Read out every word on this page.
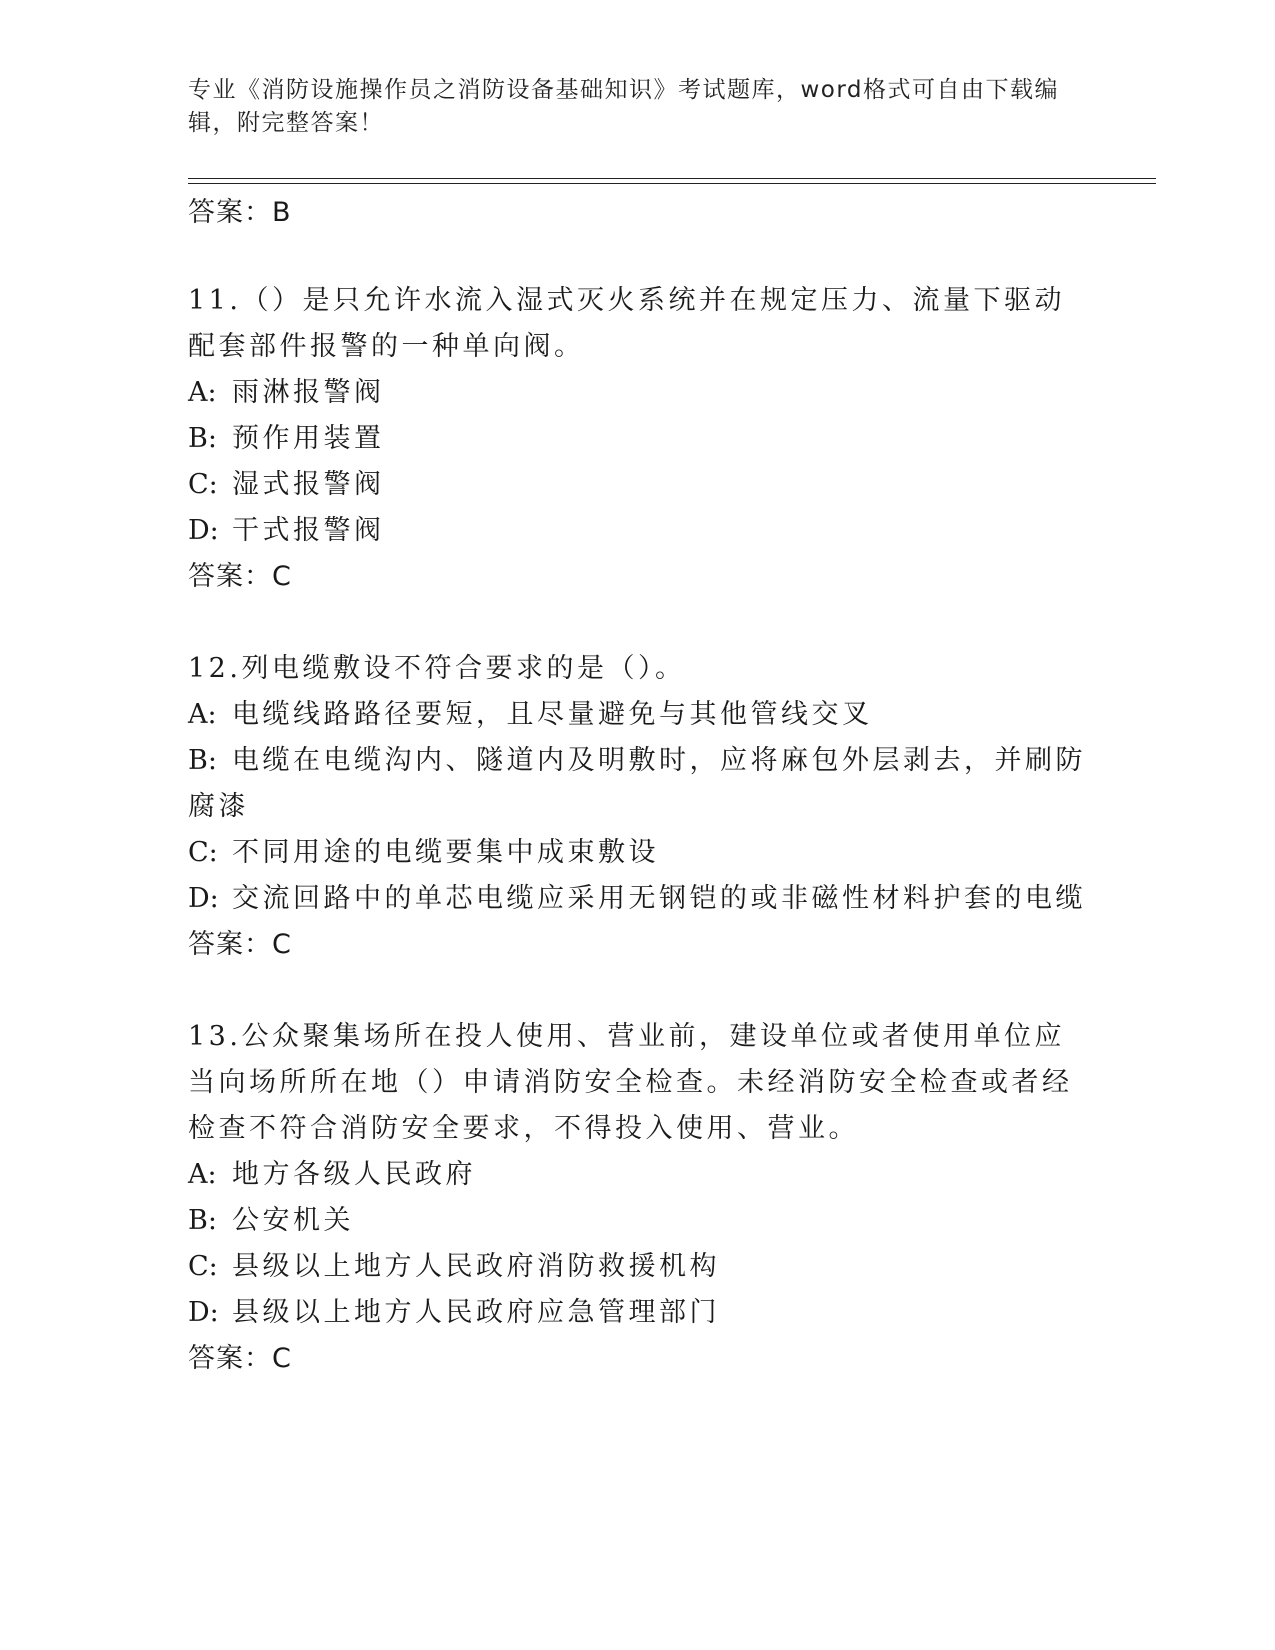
专业《消防设施操作员之消防设备基础知识》考试题库，word格式可自由下载编辑，附完整答案！

答案：B

11.（）是只允许水流入湿式灭火系统并在规定压力、流量下驱动配套部件报警的一种单向阀。

A: 雨淋报警阀

B: 预作用装置

C: 湿式报警阀

D: 干式报警阀

答案：C

12.列电缆敷设不符合要求的是（）。

A: 电缆线路路径要短，且尽量避免与其他管线交叉

B: 电缆在电缆沟内、隧道内及明敷时，应将麻包外层剥去，并刷防腐漆

C: 不同用途的电缆要集中成束敷设

D: 交流回路中的单芯电缆应采用无钢铠的或非磁性材料护套的电缆

答案：C

13.公众聚集场所在投人使用、营业前，建设单位或者使用单位应当向场所所在地（）申请消防安全检查。未经消防安全检查或者经检查不符合消防安全要求，不得投入使用、营业。

A: 地方各级人民政府

B: 公安机关

C: 县级以上地方人民政府消防救援机构

D: 县级以上地方人民政府应急管理部门

答案：C
